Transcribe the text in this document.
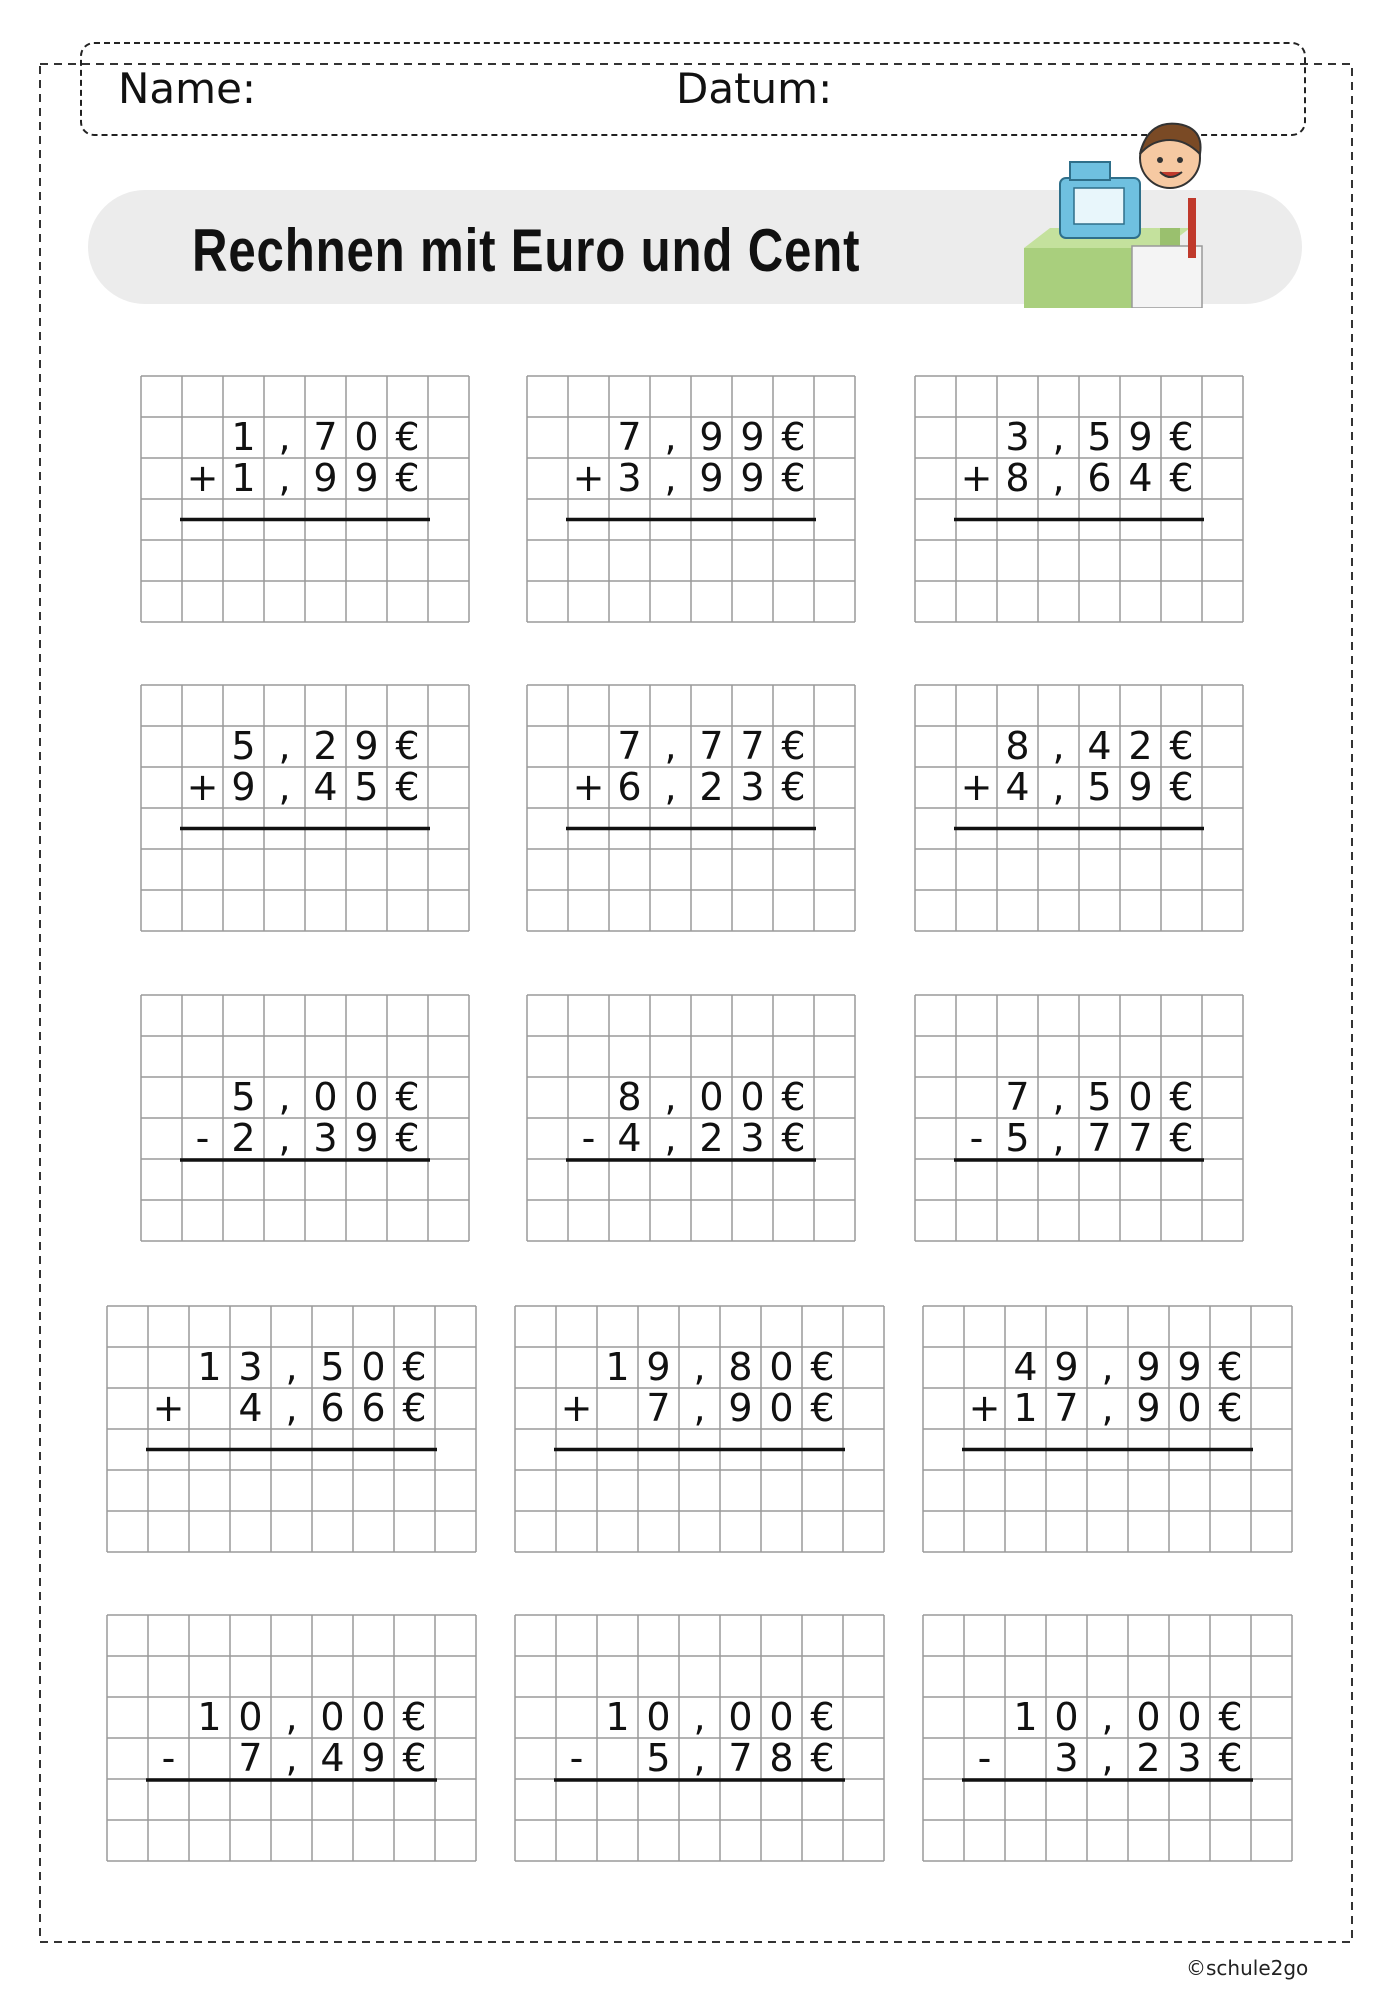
Name:	Datum:
Rechnen mit Euro und Cent
1 , 7 0 €
+ 1 , 9 9 €
7 , 9 9 €
+ 3 , 9 9 €
3 , 5 9 €
+ 8 , 6 4 €
5 , 2 9 €
+ 9 , 4 5 €
7 , 7 7 €
+ 6 , 2 3 €
8 , 4 2 €
+ 4 , 5 9 €
5 , 0 0 €
- 2 , 3 9 €
8 , 0 0 €
- 4 , 2 3 €
7 , 5 0 €
- 5 , 7 7 €
1 3 , 5 0 €
+ 4 , 6 6 €
1 9 , 8 0 €
+ 7 , 9 0 €
4 9 , 9 9 €
+ 1 7 , 9 0 €
1 0 , 0 0 €
-	7 , 4 9 €
1 0 , 0 0 €
-	5 , 7 8 €
1 0 , 0 0 €
-	3 , 2 3 €
©schule2go
